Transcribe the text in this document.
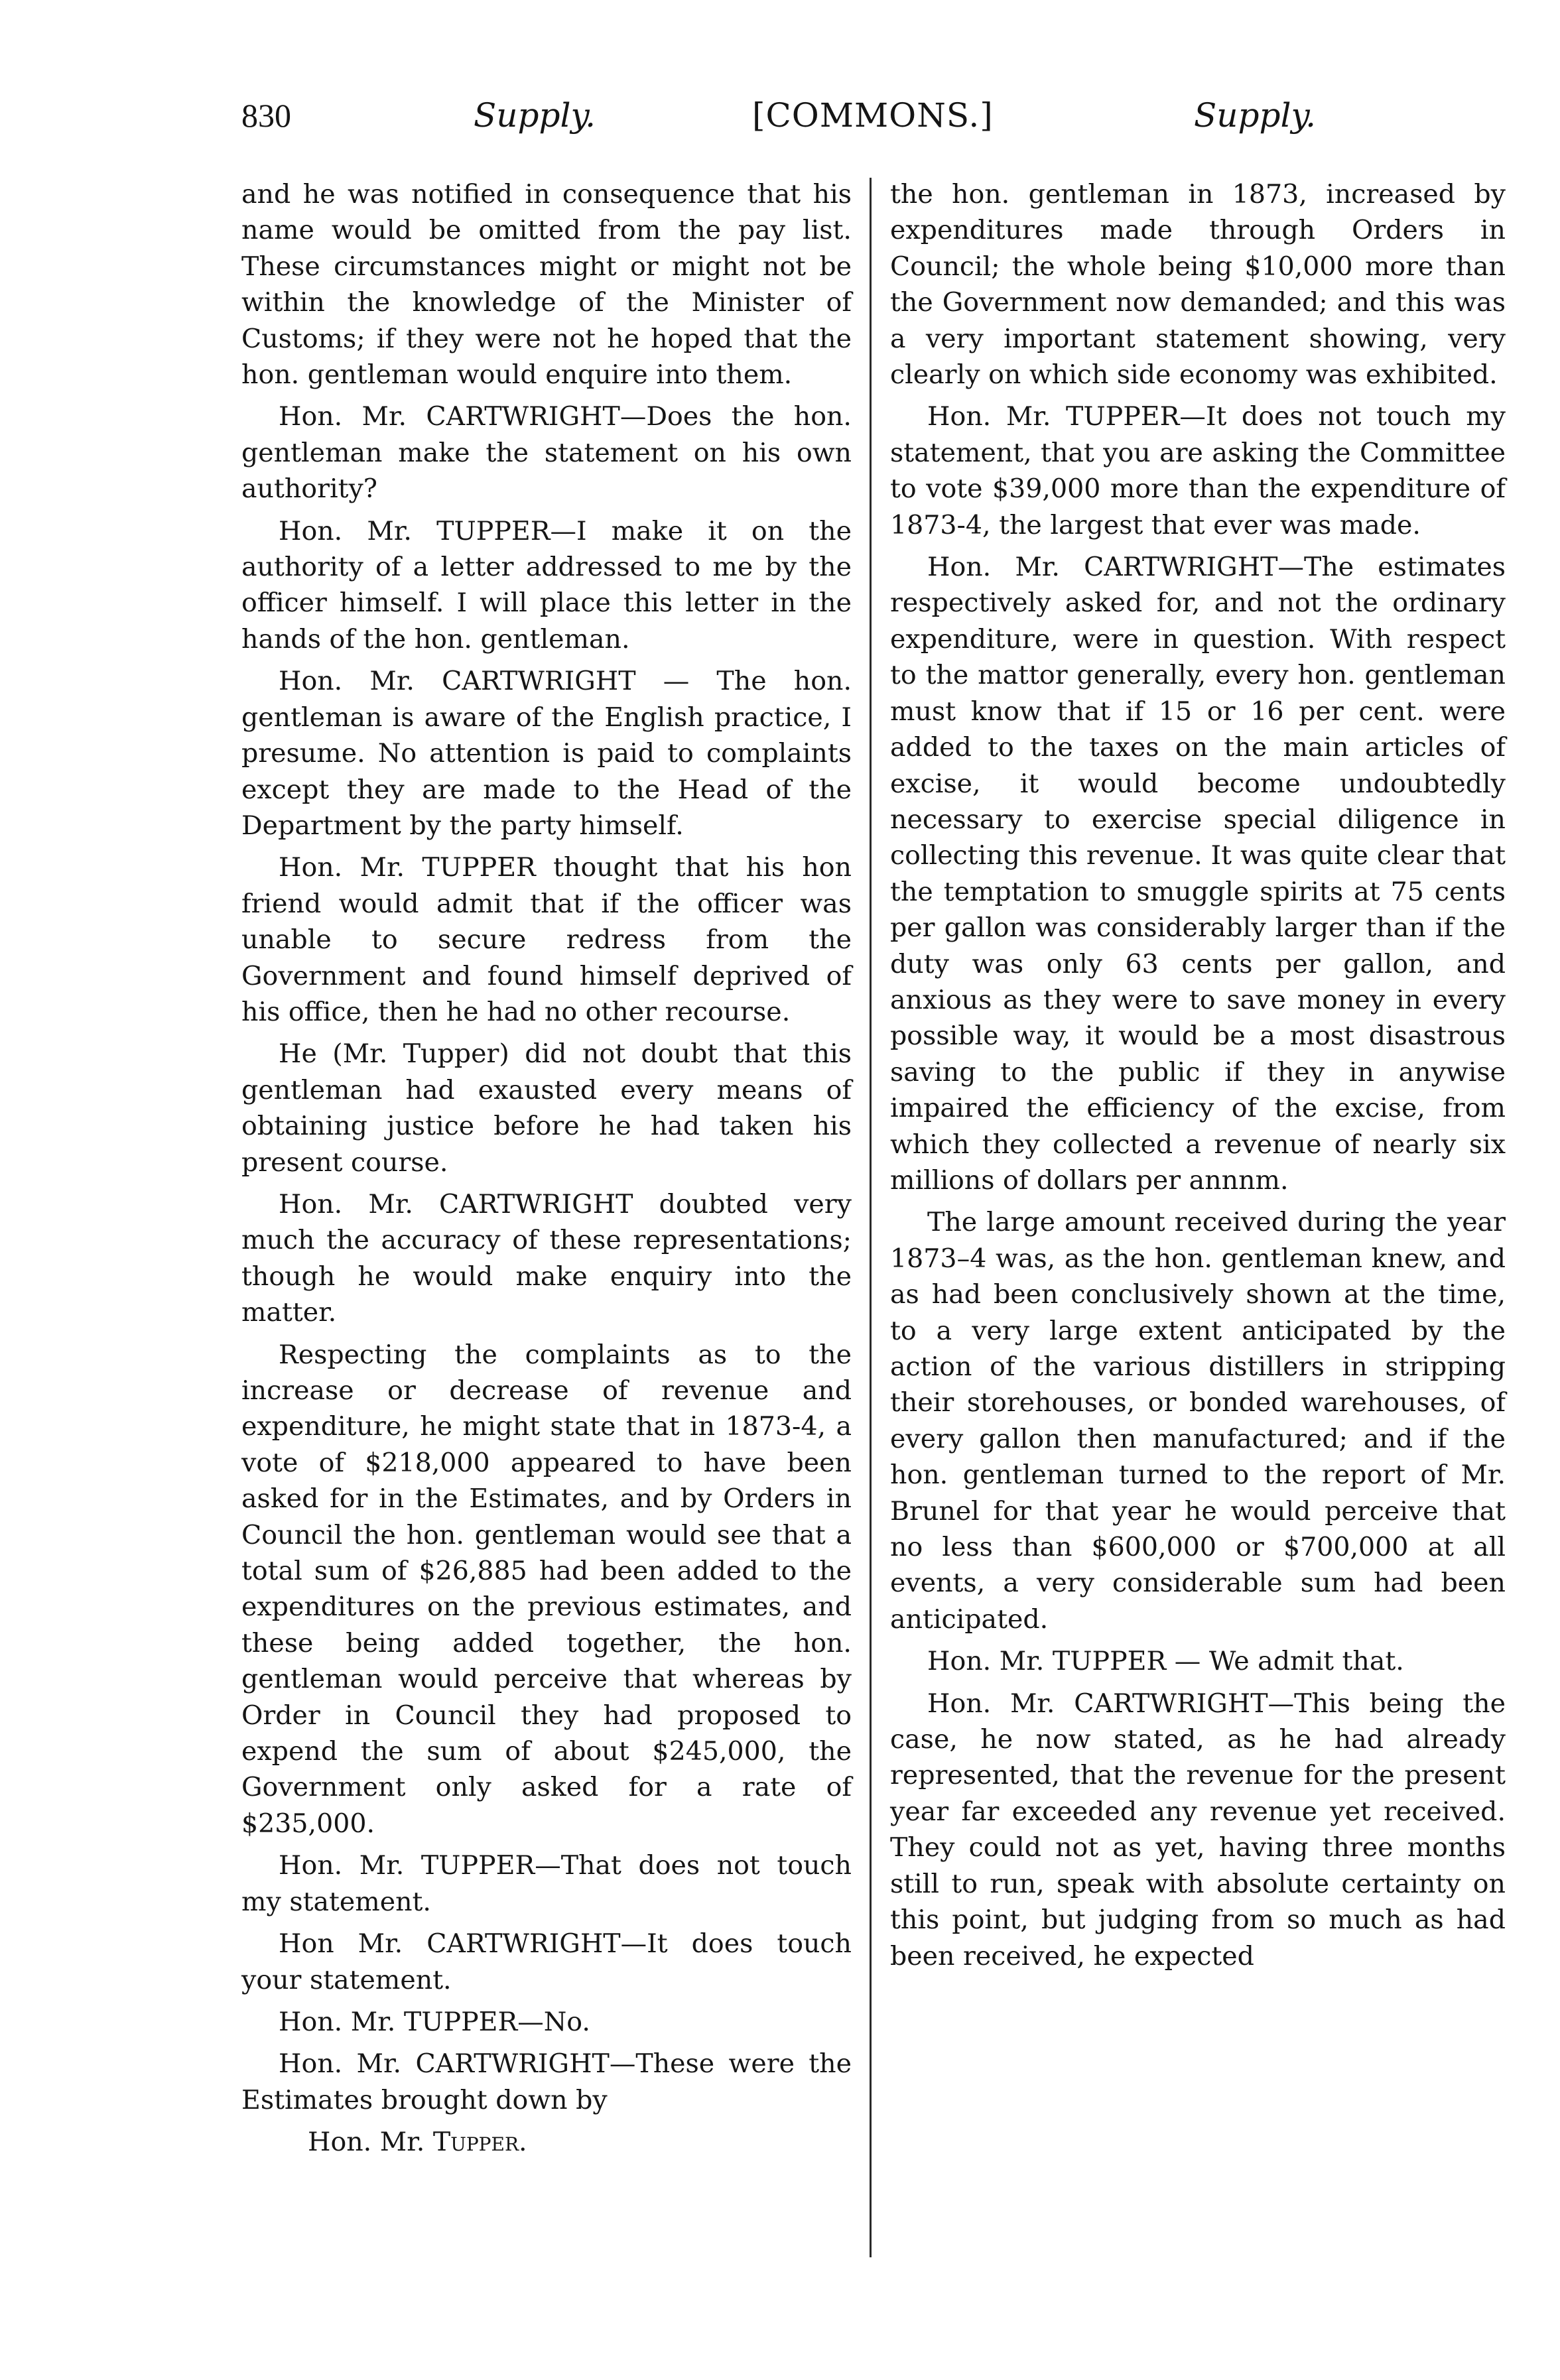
830	Supply.	[COMMONS.]	Supply.

and he was notified in consequence that his name would be omitted from the pay list. These circumstances might or might not be within the knowledge of the Minister of Customs; if they were not he hoped that the hon. gentleman would enquire into them.

Hon. Mr. CARTWRIGHT—Does the hon. gentleman make the statement on his own authority?

Hon. Mr. TUPPER—I make it on the authority of a letter addressed to me by the officer himself. I will place this letter in the hands of the hon. gentleman.

Hon. Mr. CARTWRIGHT — The hon. gentleman is aware of the English practice, I presume. No attention is paid to complaints except they are made to the Head of the Department by the party himself.

Hon. Mr. TUPPER thought that his hon friend would admit that if the officer was unable to secure redress from the Government and found himself deprived of his office, then he had no other recourse.

He (Mr. Tupper) did not doubt that this gentleman had exausted every means of obtaining justice before he had taken his present course.

Hon. Mr. CARTWRIGHT doubted very much the accuracy of these representations; though he would make enquiry into the matter.

Respecting the complaints as to the increase or decrease of revenue and expenditure, he might state that in 1873-4, a vote of $218,000 appeared to have been asked for in the Estimates, and by Orders in Council the hon. gentleman would see that a total sum of $26,885 had been added to the expenditures on the previous estimates, and these being added together, the hon. gentleman would perceive that whereas by Order in Council they had proposed to expend the sum of about $245,000, the Government only asked for a rate of $235,000.

Hon. Mr. TUPPER—That does not touch my statement.

Hon Mr. CARTWRIGHT—It does touch your statement.

Hon. Mr. TUPPER—No.

Hon. Mr. CARTWRIGHT—These were the Estimates brought down by

Hon. Mr. Tupper.

the hon. gentleman in 1873, increased by expenditures made through Orders in Council; the whole being $10,000 more than the Government now demanded; and this was a very important statement showing, very clearly on which side economy was exhibited.

Hon. Mr. TUPPER—It does not touch my statement, that you are asking the Committee to vote $39,000 more than the expenditure of 1873-4, the largest that ever was made.

Hon. Mr. CARTWRIGHT—The estimates respectively asked for, and not the ordinary expenditure, were in question. With respect to the mattor generally, every hon. gentleman must know that if 15 or 16 per cent. were added to the taxes on the main articles of excise, it would become undoubtedly necessary to exercise special diligence in collecting this revenue. It was quite clear that the temptation to smuggle spirits at 75 cents per gallon was considerably larger than if the duty was only 63 cents per gallon, and anxious as they were to save money in every possible way, it would be a most disastrous saving to the public if they in anywise impaired the efficiency of the excise, from which they collected a revenue of nearly six millions of dollars per annnm.

The large amount received during the year 1873–4 was, as the hon. gentleman knew, and as had been conclusively shown at the time, to a very large extent anticipated by the action of the various distillers in stripping their storehouses, or bonded warehouses, of every gallon then manufactured; and if the hon. gentleman turned to the report of Mr. Brunel for that year he would perceive that no less than $600,000 or $700,000 at all events, a very considerable sum had been anticipated.

Hon. Mr. TUPPER — We admit that.

Hon. Mr. CARTWRIGHT—This being the case, he now stated, as he had already represented, that the revenue for the present year far exceeded any revenue yet received. They could not as yet, having three months still to run, speak with absolute certainty on this point, but judging from so much as had been received, he expected
